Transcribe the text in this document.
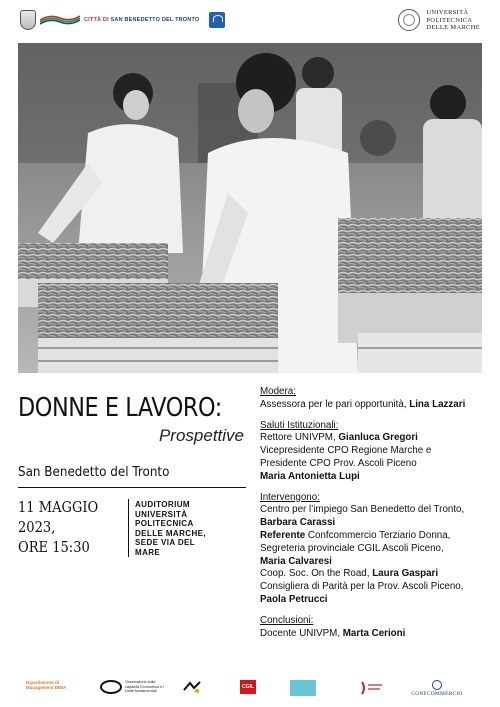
CITTÀ DI SAN BENEDETTO DEL TRONTO
UNIVERSITÀ
POLITECNICA
DELLE MARCHE
DONNE E LAVORO:
Prospettive
San Benedetto del Tronto
11 MAGGIO
2023,
ORE 15:30
AUDITORIUM
UNIVERSITÀ
POLITECNICA
DELLE MARCHE,
SEDE VIA DEL
MARE
Modera:
Assessora per le pari opportunità, Lina Lazzari
Saluti Istituzionali:
Rettore UNIVPM, Gianluca Gregori
Vicepresidente CPO Regione Marche e
Presidente CPO Prov. Ascoli Piceno
Maria Antonietta Lupi
Intervengono:
Centro per l’impiego San Benedetto del Tronto,
Barbara Carassi
Referente Confcommercio Terziario Donna,
Segreteria provinciale CGIL Ascoli Piceno,
Maria Calvaresi
Coop. Soc. On the Road, Laura Gaspari
Consigliera di Parità per la Prov. Ascoli Piceno,
Paola Petrucci
Conclusioni:
Docente UNIVPM, Marta Cerioni
Dipartimento di Management DIMA
Osservatorio sulla capacità Economica e i Diritti fondamentali
CGIL
CONFCOMMERCIO
